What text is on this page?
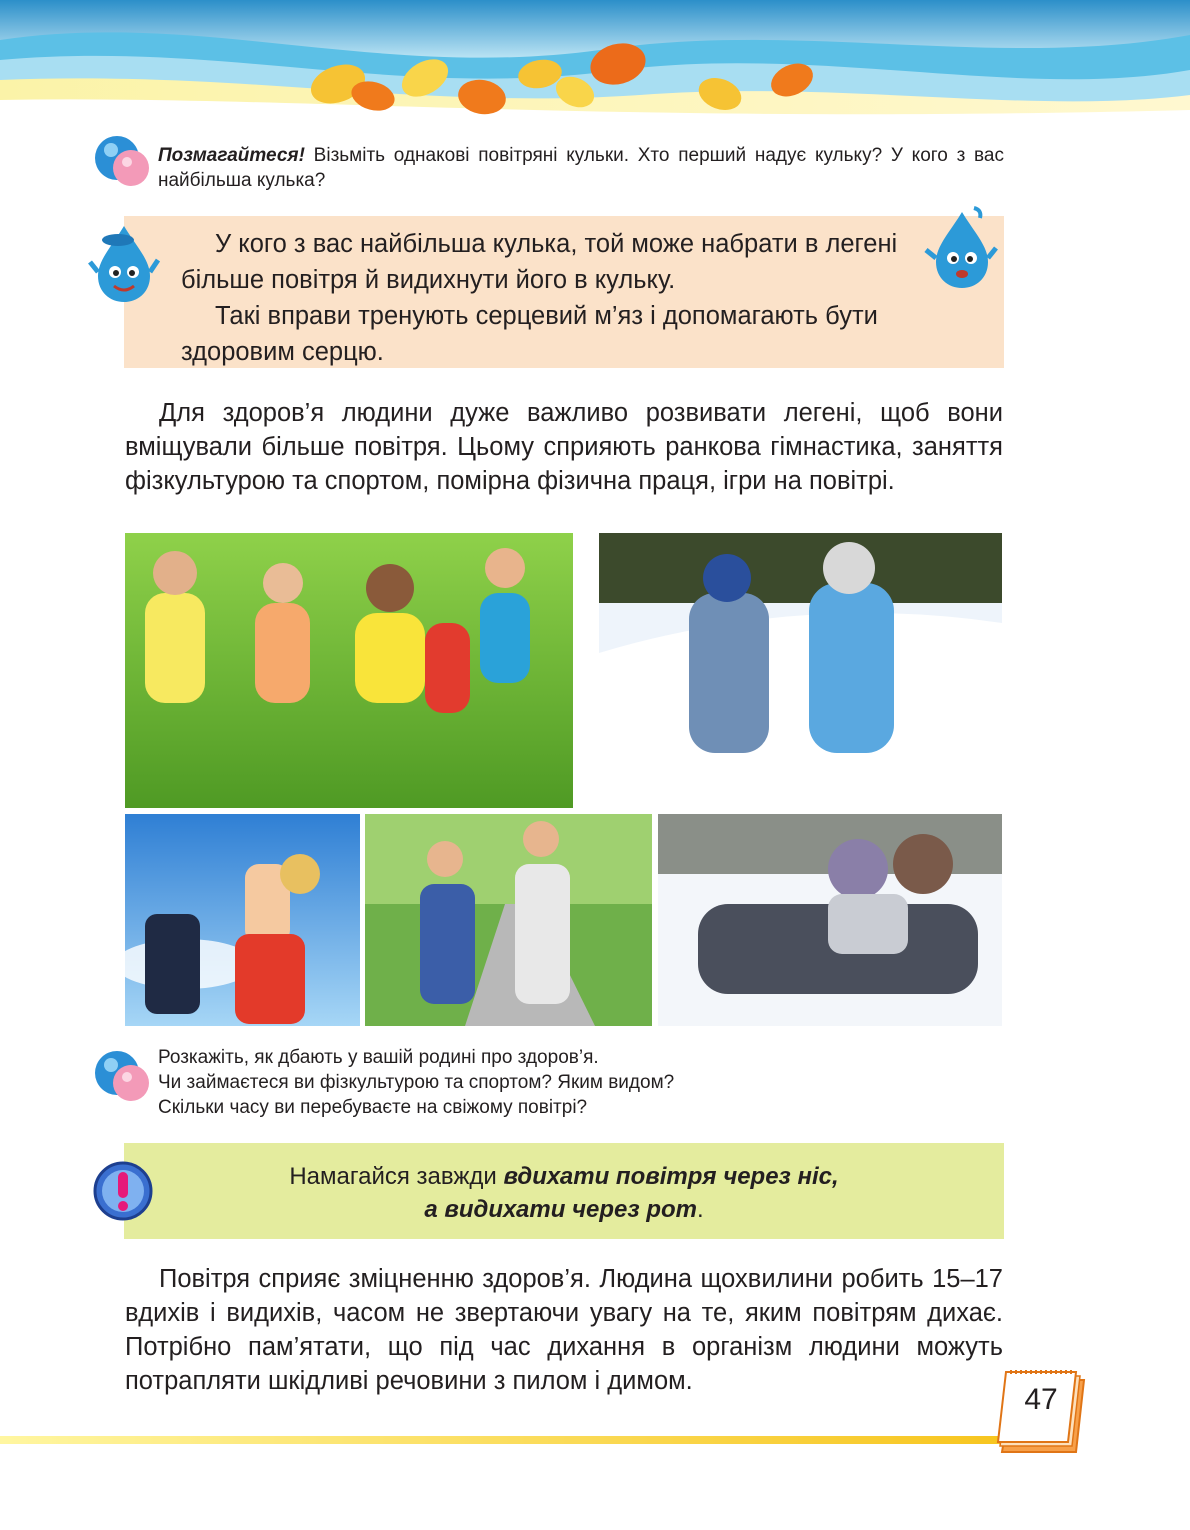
Позмагайтеся! Візьміть однакові повітряні кульки. Хто перший надує кульку? У кого з вас найбільша кулька?

У кого з вас найбільша кулька, той може набрати в легені більше повітря й видихнути його в кульку.

Такі вправи тренують серцевий м’яз і допомагають бути здоровим серцю.

Для здоров’я людини дуже важливо розвивати легені, щоб вони вміщували більше повітря. Цьому сприяють ранкова гімнастика, заняття фізкультурою та спортом, помірна фізична праця, ігри на повітрі.
Розкажіть, як дбають у вашій родині про здоров’я.
Чи займаєтеся ви фізкультурою та спортом? Яким видом?
Скільки часу ви перебуваєте на свіжому повітрі?
Намагайся завжди вдихати повітря через ніс,
а видихати через рот.
Повітря сприяє зміцненню здоров’я. Людина щохвилини робить 15–17 вдихів і видихів, часом не звертаючи увагу на те, яким повітрям дихає. Потрібно пам’ятати, що під час дихання в організм людини можуть потрапляти шкідливі речовини з пилом і димом.
47
